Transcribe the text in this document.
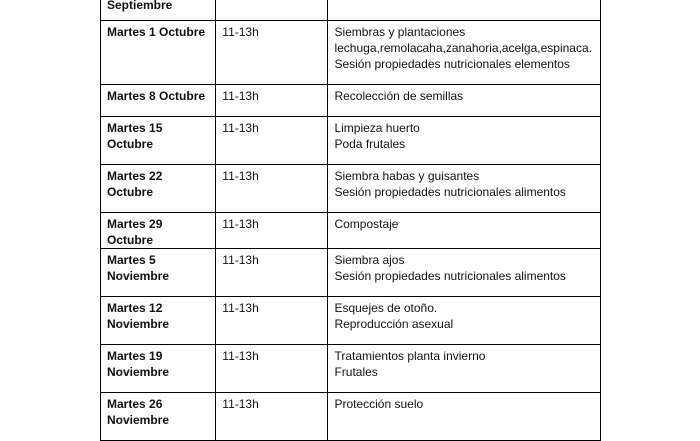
Septiembre		

Martes 1 Octubre	11-13h	Siembras y plantaciones
lechuga,remolacaha,zanahoria,acelga,espinaca.
Sesión propiedades nutricionales elementos

Martes 8 Octubre	11-13h	Recolección de semillas

Martes 15 Octubre	11-13h	Limpieza huerto
Poda frutales

Martes 22 Octubre	11-13h	Siembra habas y guisantes
Sesión propiedades nutricionales alimentos

Martes 29 Octubre	11-13h	Compostaje

Martes 5 Noviembre	11-13h	Siembra ajos
Sesión propiedades nutricionales alimentos

Martes 12 Noviembre	11-13h	Esquejes de otoño.
Reproducción asexual

Martes 19 Noviembre	11-13h	Tratamientos planta invierno
Frutales

Martes 26 Noviembre	11-13h	Protección suelo
